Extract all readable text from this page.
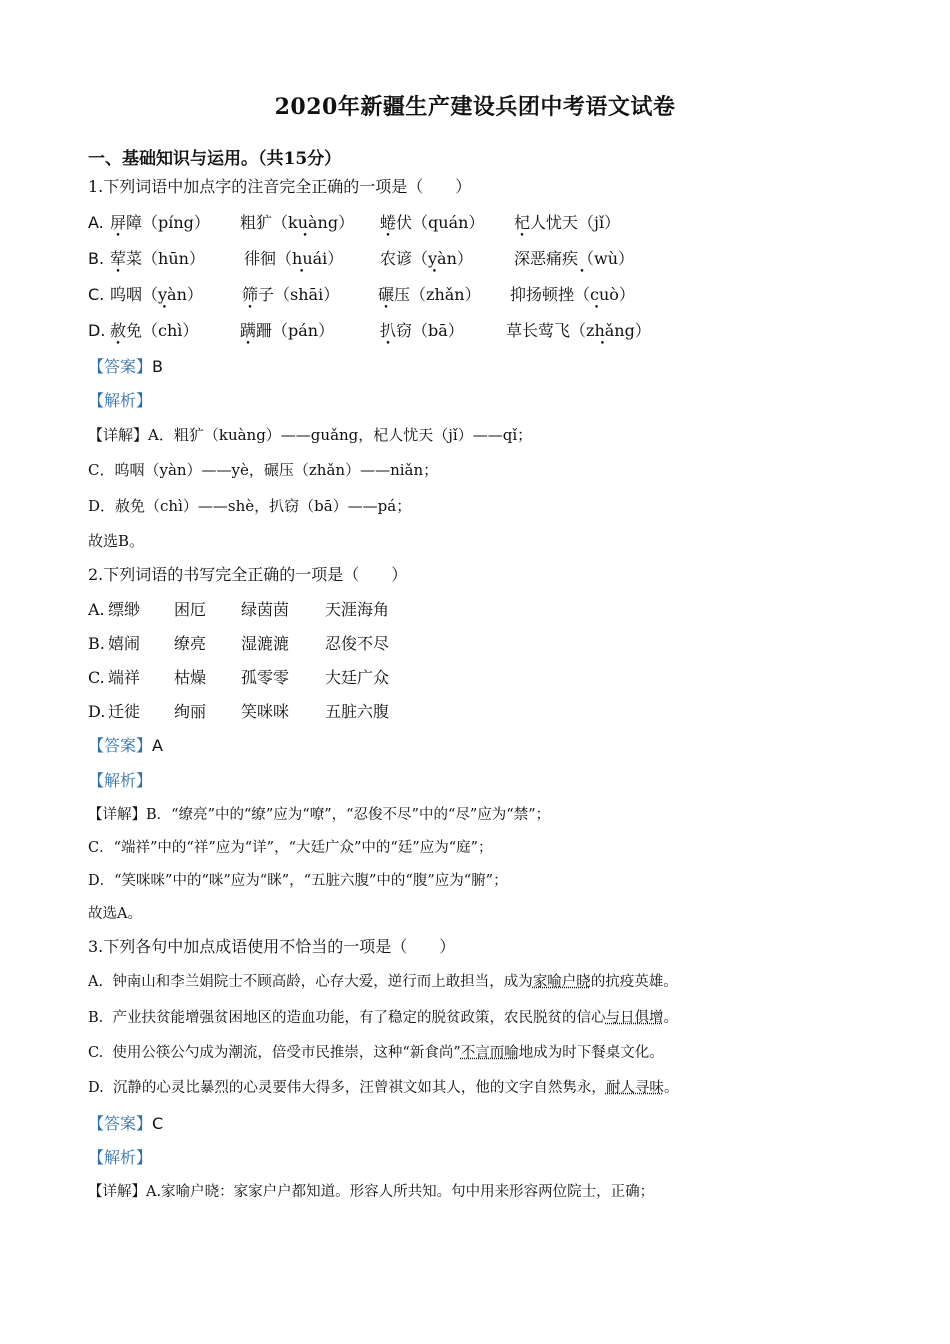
2020年新疆生产建设兵团中考语文试卷
一、基础知识与运用。（共15分）
1.下列词语中加点字的注音完全正确的一项是（　　）
A. 屏障（píng） 粗犷（kuàng） • 蜷伏（quán） 杞人忧天（jǐ）
B. 荤菜（hūn） 徘徊（huái） • 农谚（yàn） •	深恶痛疾（wù） •
C. 呜咽（yàn） • 筛子（shāi） 碾压（zhǎn） 抑扬顿挫（cuò） •
D. 赦免（chì）	蹒跚（pán）	扒窃（bā）	草长莺飞（zhǎng） •
【答案】B
【解析】
【详解】A．粗犷（kuàng）——guǎng，杞人忧天（jǐ）——qǐ；
C．呜咽（yàn）——yè，碾压（zhǎn）——niǎn；
D．赦免（chì）——shè，扒窃（bā）——pá；
故选B。
2.下列词语的书写完全正确的一项是（　　）
A. 缥缈 困厄 绿茵茵 天涯海角
B. 嬉闹 缭亮 湿漉漉 忍俊不尽
C. 端祥 枯燥 孤零零 大廷广众
D. 迁徙 绚丽 笑咪咪 五脏六腹
【答案】A
【解析】
【详解】B．“缭亮”中的“缭”应为“嘹”，“忍俊不尽”中的“尽”应为“禁”；
C．“端祥”中的“祥”应为“详”，“大廷广众”中的“廷”应为“庭”；
D．“笑咪咪”中的“咪”应为“眯”，“五脏六腹”中的“腹”应为“腑”；
故选A。
3.下列各句中加点成语使用不恰当的一项是（　　）
A. 钟南山和李兰娟院士不顾高龄，心存大爱，逆行而上敢担当，成为家喻户晓的抗疫英雄。
B. 产业扶贫能增强贫困地区的造血功能，有了稳定的脱贫政策，农民脱贫的信心与日俱增。
C. 使用公筷公勺成为潮流，倍受市民推崇，这种“新食尚”不言而喻地成为时下餐桌文化。
D. 沉静的心灵比暴烈的心灵要伟大得多，汪曾祺文如其人，他的文字自然隽永，耐人寻味。
【答案】C
【解析】
【详解】A.家喻户晓：家家户户都知道。形容人所共知。句中用来形容两位院士，正确；
